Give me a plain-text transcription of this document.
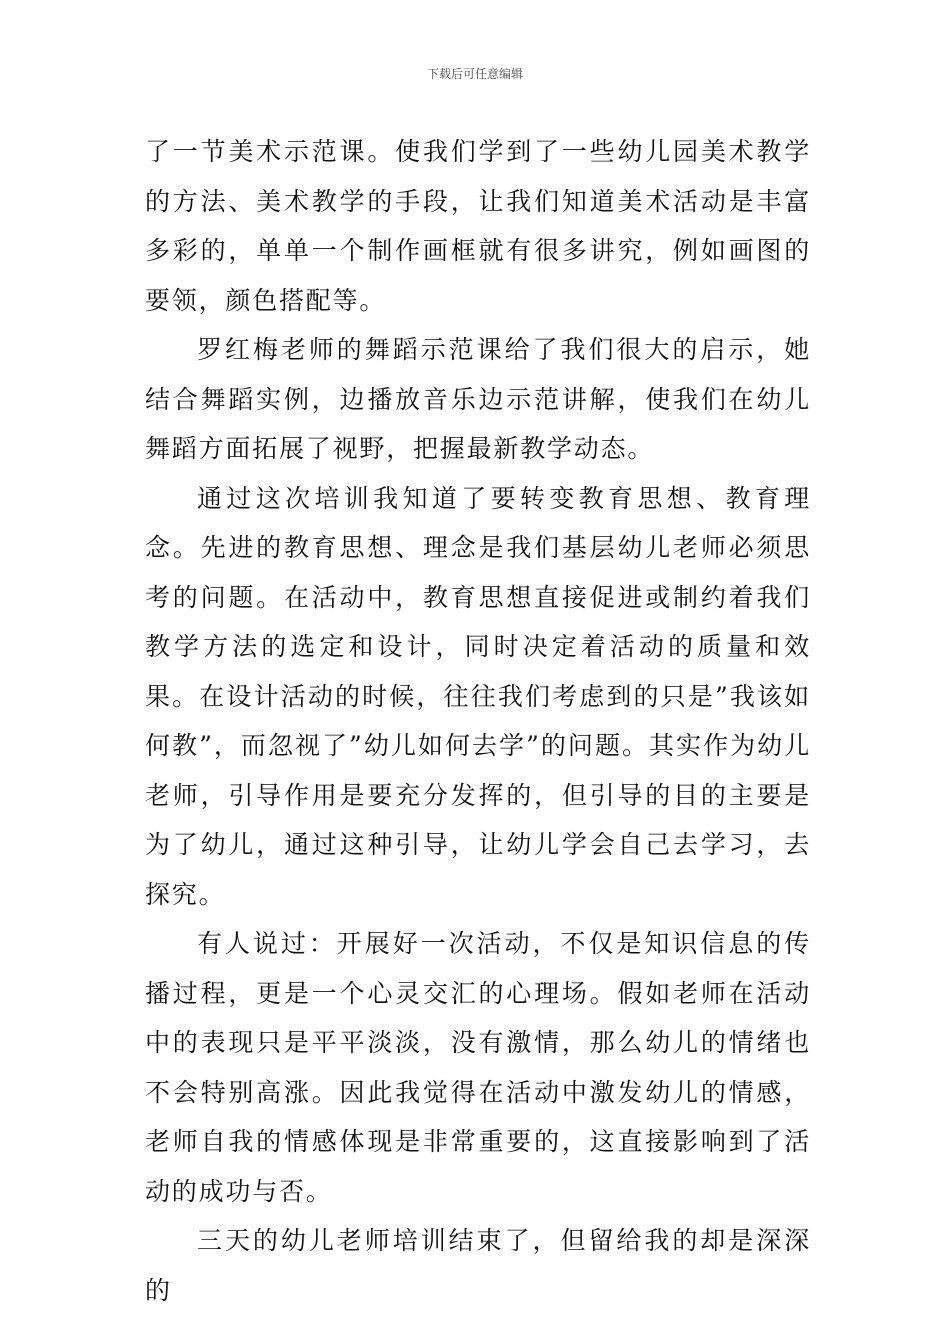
下载后可任意编辑

了一节美术示范课。使我们学到了一些幼儿园美术教学的方法、美术教学的手段，让我们知道美术活动是丰富多彩的，单单一个制作画框就有很多讲究，例如画图的要领，颜色搭配等。

罗红梅老师的舞蹈示范课给了我们很大的启示，她结合舞蹈实例，边播放音乐边示范讲解，使我们在幼儿舞蹈方面拓展了视野，把握最新教学动态。

通过这次培训我知道了要转变教育思想、教育理念。先进的教育思想、理念是我们基层幼儿老师必须思考的问题。在活动中，教育思想直接促进或制约着我们教学方法的选定和设计，同时决定着活动的质量和效果。在设计活动的时候，往往我们考虑到的只是”我该如何教”，而忽视了”幼儿如何去学”的问题。其实作为幼儿老师，引导作用是要充分发挥的，但引导的目的主要是为了幼儿，通过这种引导，让幼儿学会自己去学习，去探究。

有人说过：开展好一次活动，不仅是知识信息的传播过程，更是一个心灵交汇的心理场。假如老师在活动中的表现只是平平淡淡，没有激情，那么幼儿的情绪也不会特别高涨。因此我觉得在活动中激发幼儿的情感，老师自我的情感体现是非常重要的，这直接影响到了活动的成功与否。

三天的幼儿老师培训结束了，但留给我的却是深深的
